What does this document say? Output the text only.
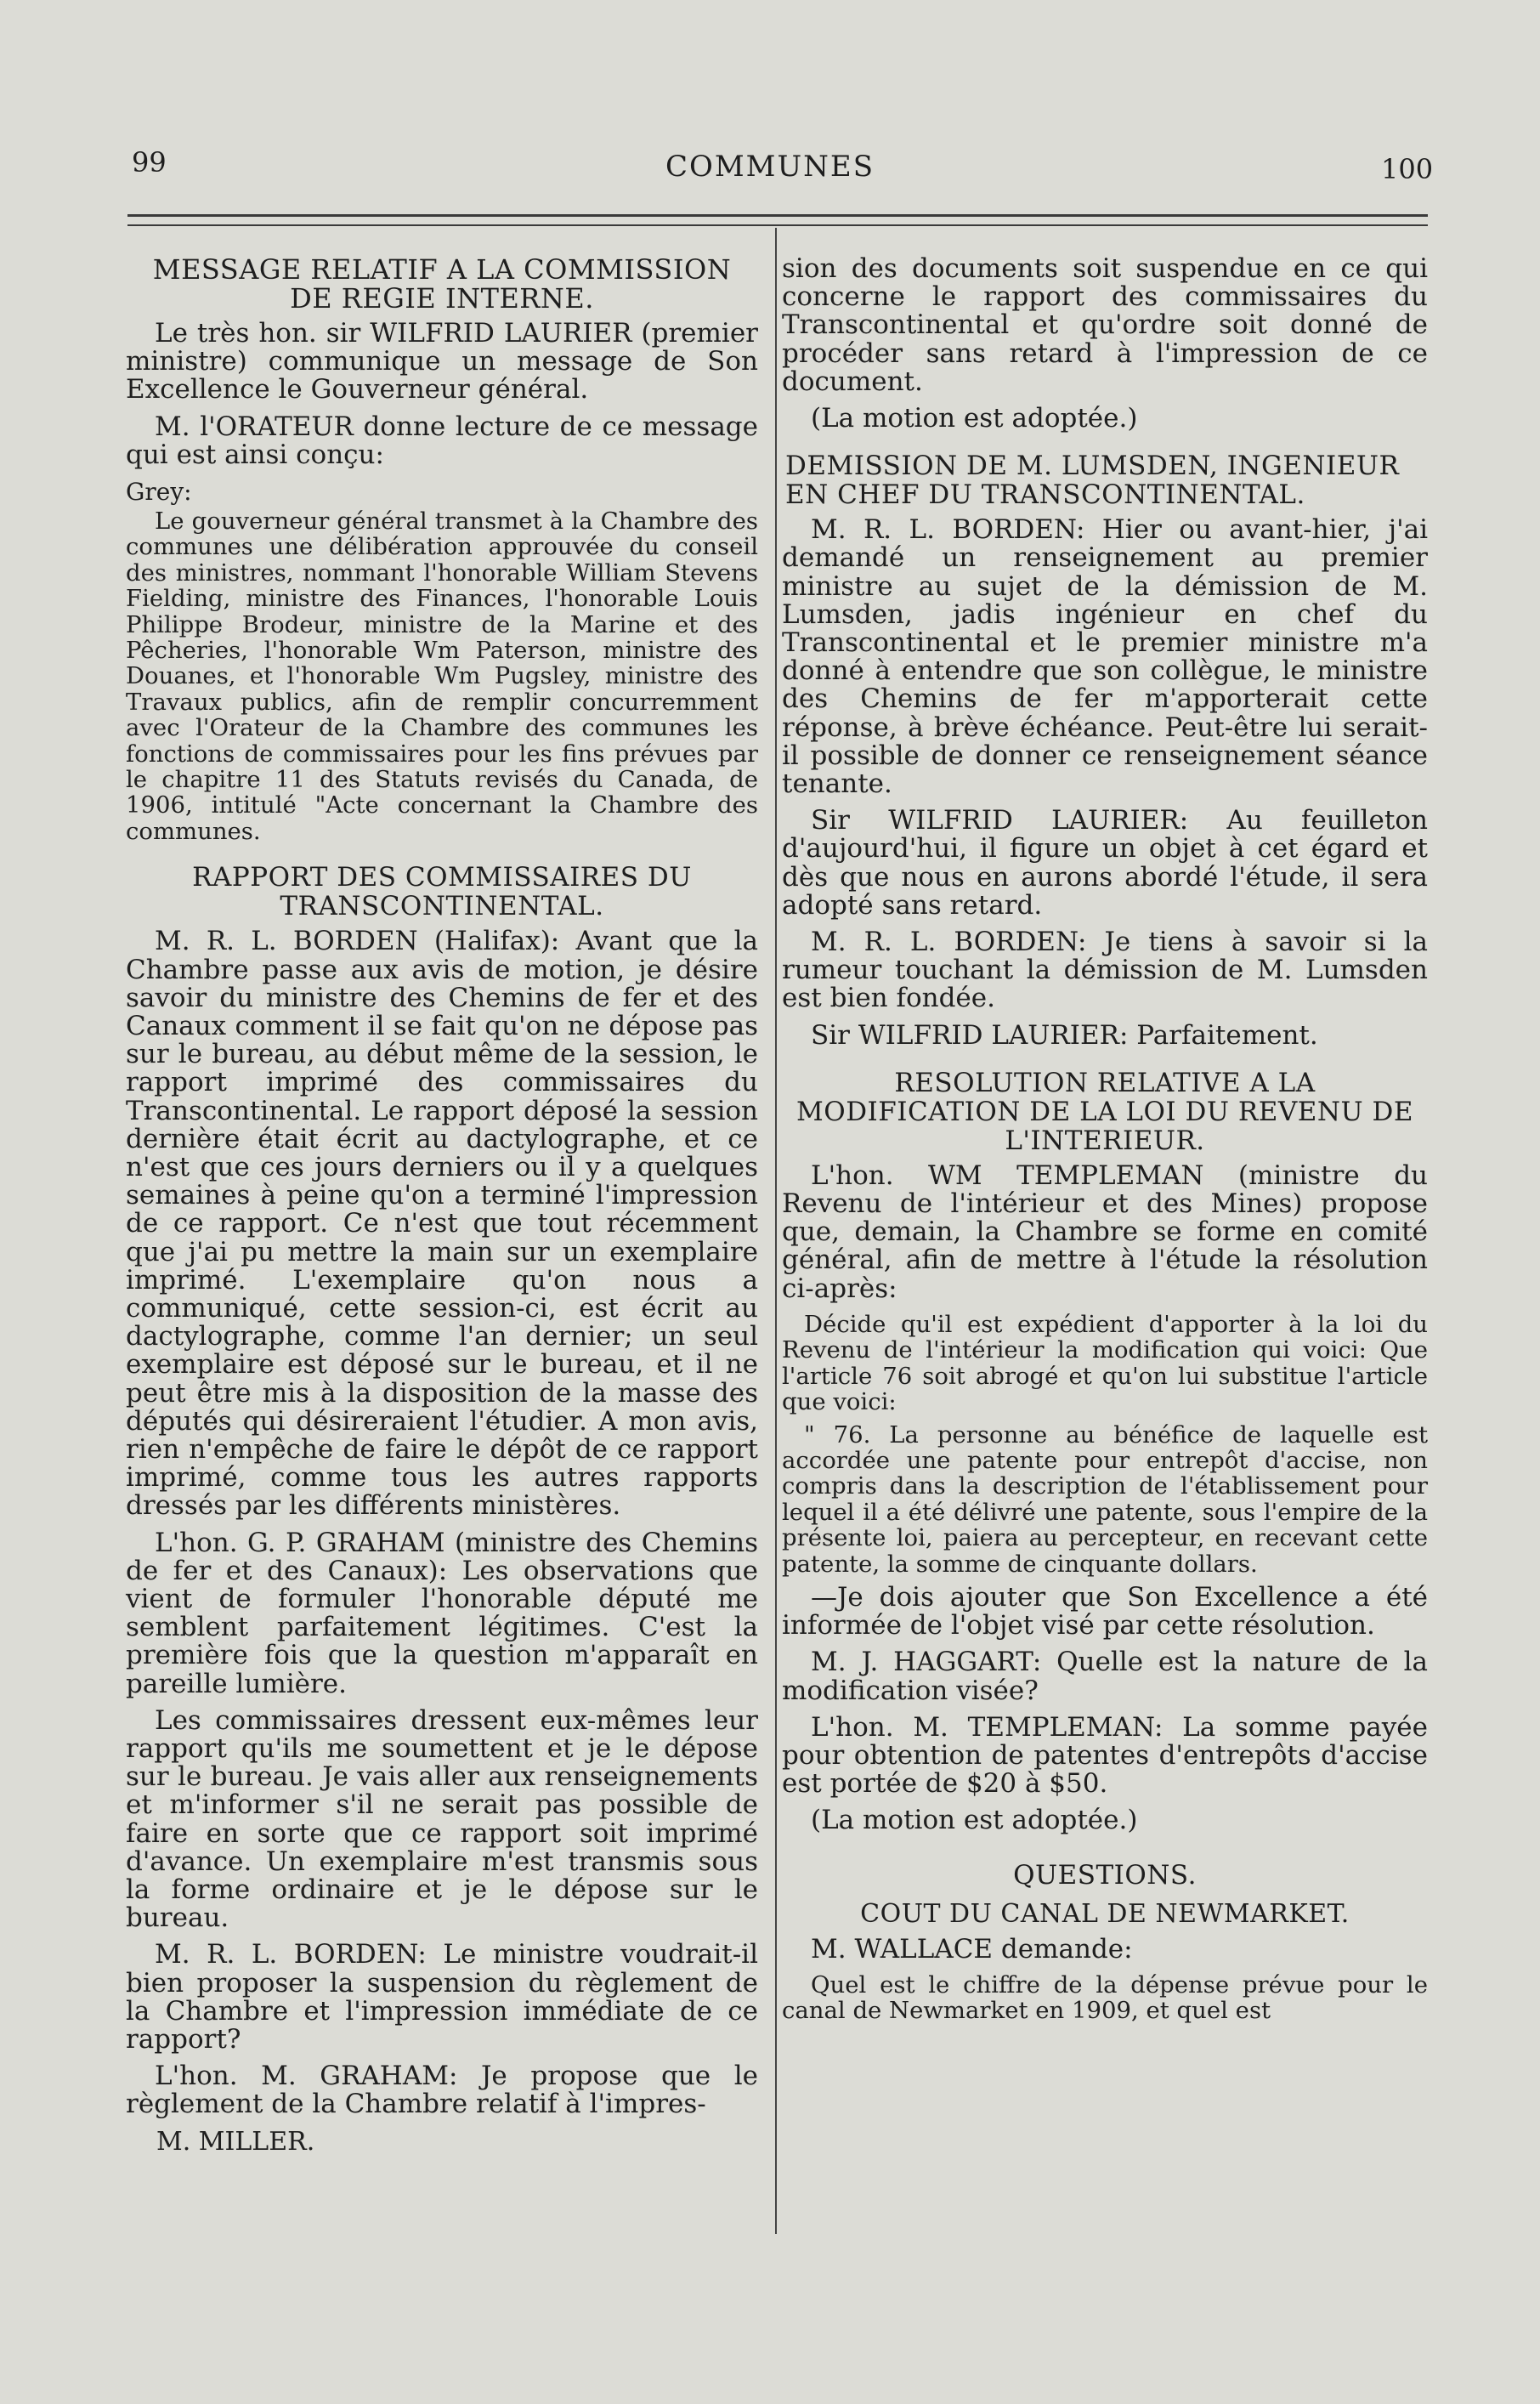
99	COMMUNES	100
MESSAGE RELATIF A LA COMMISSION DE REGIE INTERNE.

Le très hon. sir WILFRID LAURIER (premier ministre) communique un message de Son Excellence le Gouverneur général.

M. l'ORATEUR donne lecture de ce message qui est ainsi conçu:

Grey:

Le gouverneur général transmet à la Chambre des communes une délibération approuvée du conseil des ministres, nommant l'honorable William Stevens Fielding, ministre des Finances, l'honorable Louis Philippe Brodeur, ministre de la Marine et des Pêcheries, l'honorable Wm Paterson, ministre des Douanes, et l'honorable Wm Pugsley, ministre des Travaux publics, afin de remplir concurremment avec l'Orateur de la Chambre des communes les fonctions de commissaires pour les fins prévues par le chapitre 11 des Statuts revisés du Canada, de 1906, intitulé "Acte concernant la Chambre des communes.

RAPPORT DES COMMISSAIRES DU TRANSCONTINENTAL.

M. R. L. BORDEN (Halifax): Avant que la Chambre passe aux avis de motion, je désire savoir du ministre des Chemins de fer et des Canaux comment il se fait qu'on ne dépose pas sur le bureau, au début même de la session, le rapport imprimé des commissaires du Transcontinental. Le rapport déposé la session dernière était écrit au dactylographe, et ce n'est que ces jours derniers ou il y a quelques semaines à peine qu'on a terminé l'impression de ce rapport. Ce n'est que tout récemment que j'ai pu mettre la main sur un exemplaire imprimé. L'exemplaire qu'on nous a communiqué, cette session-ci, est écrit au dactylographe, comme l'an dernier; un seul exemplaire est déposé sur le bureau, et il ne peut être mis à la disposition de la masse des députés qui désireraient l'étudier. A mon avis, rien n'empêche de faire le dépôt de ce rapport imprimé, comme tous les autres rapports dressés par les différents ministères.

L'hon. G. P. GRAHAM (ministre des Chemins de fer et des Canaux): Les observations que vient de formuler l'honorable député me semblent parfaitement légitimes. C'est la première fois que la question m'apparaît en pareille lumière.

Les commissaires dressent eux-mêmes leur rapport qu'ils me soumettent et je le dépose sur le bureau. Je vais aller aux renseignements et m'informer s'il ne serait pas possible de faire en sorte que ce rapport soit imprimé d'avance. Un exemplaire m'est transmis sous la forme ordinaire et je le dépose sur le bureau.

M. R. L. BORDEN: Le ministre voudrait-il bien proposer la suspension du règlement de la Chambre et l'impression immédiate de ce rapport?

L'hon. M. GRAHAM: Je propose que le règlement de la Chambre relatif à l'impres-

M. MILLER.

sion des documents soit suspendue en ce qui concerne le rapport des commissaires du Transcontinental et qu'ordre soit donné de procéder sans retard à l'impression de ce document.

(La motion est adoptée.)

DEMISSION DE M. LUMSDEN, INGENIEUR EN CHEF DU TRANSCONTINENTAL.

M. R. L. BORDEN: Hier ou avant-hier, j'ai demandé un renseignement au premier ministre au sujet de la démission de M. Lumsden, jadis ingénieur en chef du Transcontinental et le premier ministre m'a donné à entendre que son collègue, le ministre des Chemins de fer m'apporterait cette réponse, à brève échéance. Peut-être lui serait-il possible de donner ce renseignement séance tenante.

Sir WILFRID LAURIER: Au feuilleton d'aujourd'hui, il figure un objet à cet égard et dès que nous en aurons abordé l'étude, il sera adopté sans retard.

M. R. L. BORDEN: Je tiens à savoir si la rumeur touchant la démission de M. Lumsden est bien fondée.

Sir WILFRID LAURIER: Parfaitement.

RESOLUTION RELATIVE A LA MODIFICATION DE LA LOI DU REVENU DE L'INTERIEUR.

L'hon. WM TEMPLEMAN (ministre du Revenu de l'intérieur et des Mines) propose que, demain, la Chambre se forme en comité général, afin de mettre à l'étude la résolution ci-après:

Décide qu'il est expédient d'apporter à la loi du Revenu de l'intérieur la modification qui voici: Que l'article 76 soit abrogé et qu'on lui substitue l'article que voici:
" 76. La personne au bénéfice de laquelle est accordée une patente pour entrepôt d'accise, non compris dans la description de l'établissement pour lequel il a été délivré une patente, sous l'empire de la présente loi, paiera au percepteur, en recevant cette patente, la somme de cinquante dollars.

—Je dois ajouter que Son Excellence a été informée de l'objet visé par cette résolution.

M. J. HAGGART: Quelle est la nature de la modification visée?

L'hon. M. TEMPLEMAN: La somme payée pour obtention de patentes d'entrepôts d'accise est portée de $20 à $50.

(La motion est adoptée.)

QUESTIONS.
COUT DU CANAL DE NEWMARKET.

M. WALLACE demande:

Quel est le chiffre de la dépense prévue pour le canal de Newmarket en 1909, et quel est
